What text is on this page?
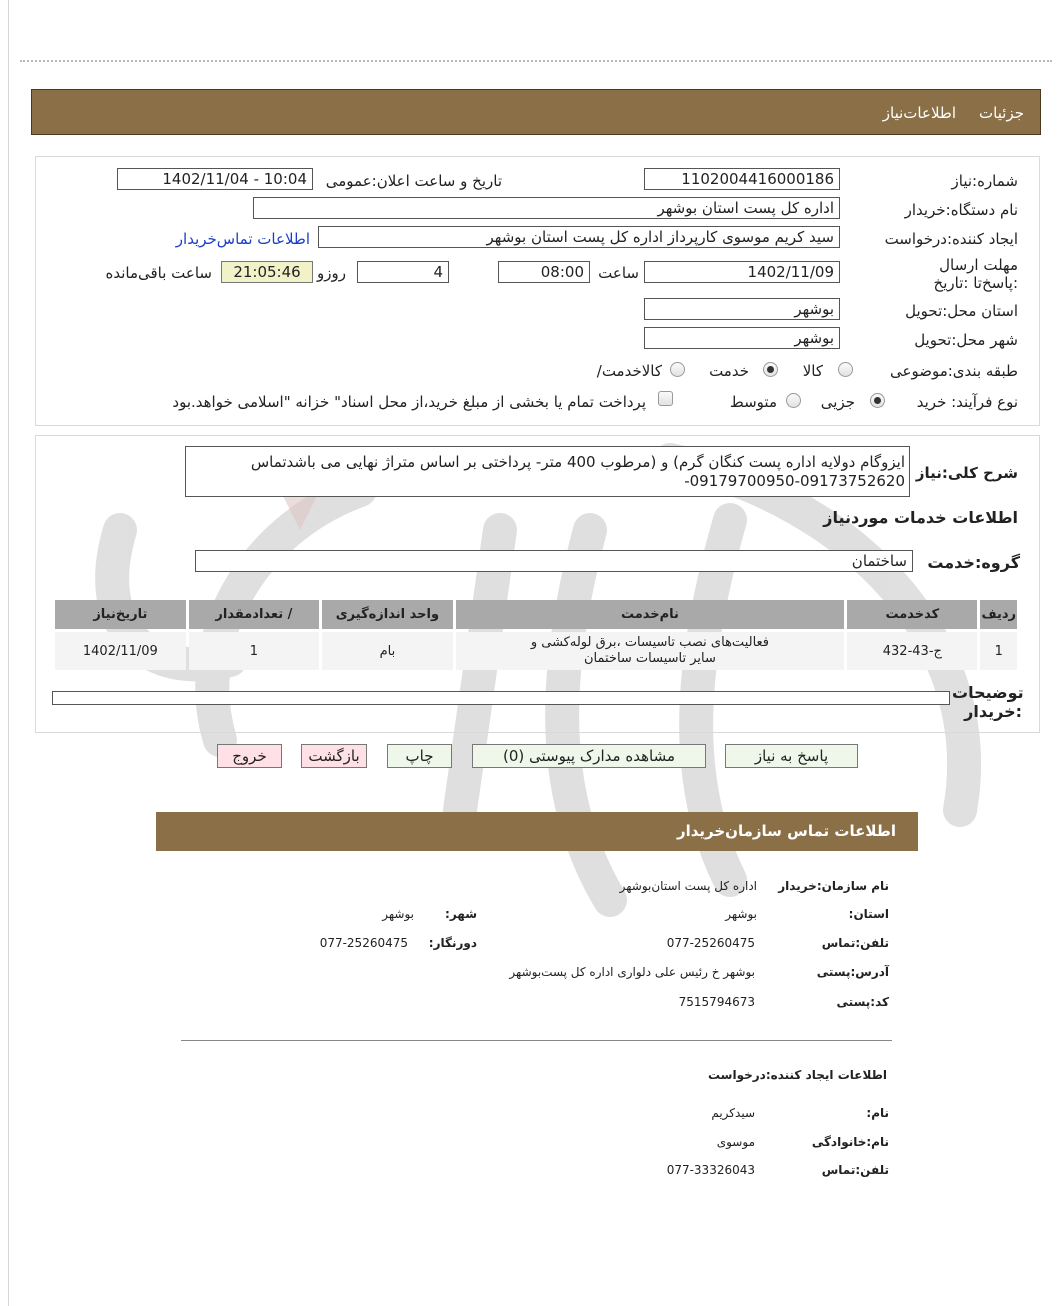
جزئیات
اطلاعات‌نیاز
شماره:نیاز
1102004416000186
تاریخ و ساعت اعلان:عمومی
1402/11/04 - 10:04
نام دستگاه:خریدار
اداره کل پست استان بوشهر
ایجاد کننده:درخواست
سید کریم موسوی کارپرداز اداره کل پست استان بوشهر
اطلاعات تماس‌خریدار
مهلت ارسال :پاسخ‌تا :تاریخ
1402/11/09
ساعت
08:00
4
روزو
21:05:46
ساعت باقی‌مانده
استان محل:تحویل
بوشهر
شهر محل:تحویل
بوشهر
طبقه بندی:موضوعی
کالا
خدمت
/کالاخدمت
نوع فرآیند: خرید
جزیی
متوسط
پرداخت تمام یا بخشی از مبلغ خرید،از محل اسناد" خزانه "اسلامی خواهد.بود
شرح کلی:نیاز
ایزوگام دولایه اداره پست کنگان گرم) و (مرطوب 400 متر- پرداختی بر اساس متراژ نهایی می باشدتماس 09173752620-09179700950-
اطلاعات خدمات موردنیاز
گروه:خدمت
ساختمان
ردیف	کدخدمت	نام‌خدمت	واحد اندازه‌گیری	/ تعدادمقدار	تاریخ‌نیاز
1	ج-43-432	فعالیت‌های نصب تاسیسات ،برق لوله‌کشی و سایر تاسیسات ساختمان	بام	1	1402/11/09
توضیحات :خریدار
پاسخ به نیاز
مشاهده مدارک پیوستی (0)
چاپ
بازگشت
خروج
اطلاعات تماس سازمان‌خریدار
نام سازمان:خریدار
اداره کل پست استان‌بوشهر
:استان
بوشهر
:شهر
بوشهر
تلفن:تماس
077-25260475
:دورنگار
077-25260475
آدرس:پستی
بوشهر خ رئیس علی دلواری اداره کل پست‌بوشهر
کد:پستی
7515794673
اطلاعات ایجاد کننده:درخواست
:نام
سیدکریم
نام:خانوادگی
موسوی
تلفن:تماس
077-33326043
